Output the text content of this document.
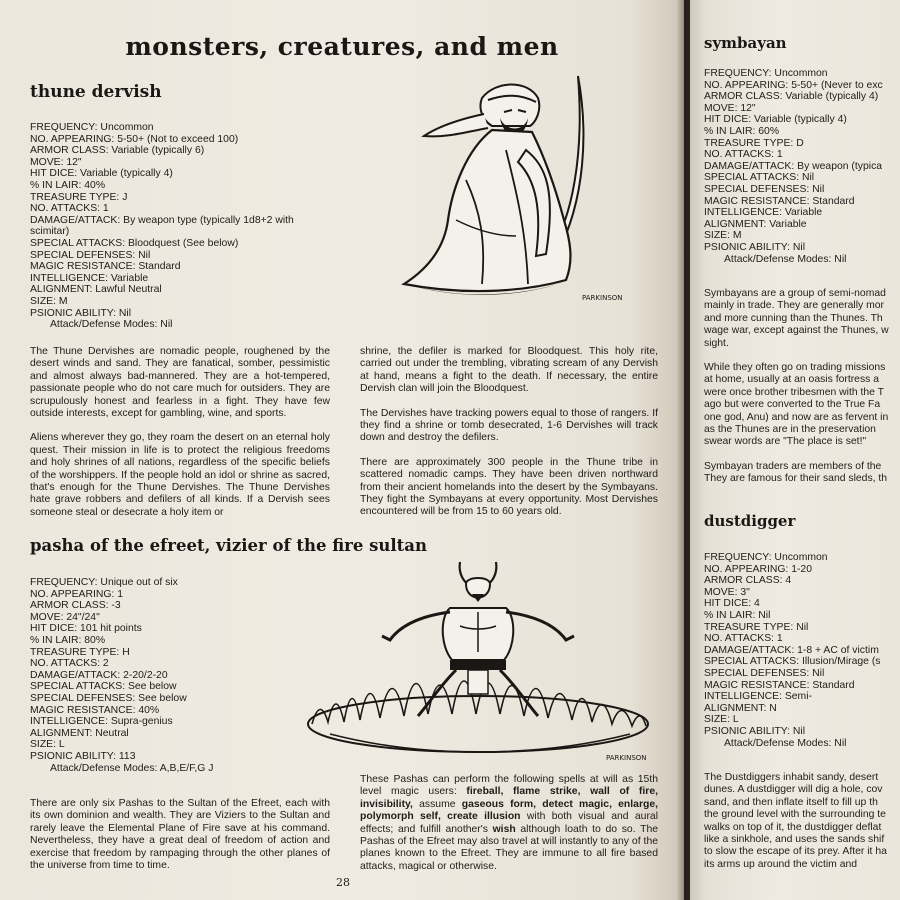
monsters, creatures, and men
thune dervish
FREQUENCY: Uncommon
NO. APPEARING: 5-50+ (Not to exceed 100)
ARMOR CLASS: Variable (typically 6)
MOVE: 12"
HIT DICE: Variable (typically 4)
% IN LAIR: 40%
TREASURE TYPE: J
NO. ATTACKS: 1
DAMAGE/ATTACK: By weapon type (typically 1d8+2 with
scimitar)
SPECIAL ATTACKS: Bloodquest (See below)
SPECIAL DEFENSES: Nil
MAGIC RESISTANCE: Standard
INTELLIGENCE: Variable
ALIGNMENT: Lawful Neutral
SIZE: M
PSIONIC ABILITY: Nil
Attack/Defense Modes: Nil
PARKINSON

The Thune Dervishes are nomadic people, roughened by the desert winds and sand. They are fanatical, somber, pessimistic and almost always bad-mannered. They are a hot-tempered, passionate people who do not care much for outsiders. They are scrupulously honest and fearless in a fight. They have few outside interests, except for gambling, wine, and sports.

Aliens wherever they go, they roam the desert on an eternal holy quest. Their mission in life is to protect the religious freedoms and holy shrines of all nations, regardless of the specific beliefs of the worshippers. If the people hold an idol or shrine as sacred, that's enough for the Thune Dervishes. The Thune Dervishes hate grave robbers and defilers of all kinds. If a Dervish sees someone steal or desecrate a holy item or

shrine, the defiler is marked for Bloodquest. This holy rite, carried out under the trembling, vibrating scream of any Dervish at hand, means a fight to the death. If necessary, the entire Dervish clan will join the Bloodquest.

The Dervishes have tracking powers equal to those of rangers. If they find a shrine or tomb desecrated, 1-6 Dervishes will track down and destroy the defilers.

There are approximately 300 people in the Thune tribe in scattered nomadic camps. They have been driven northward from their ancient homelands into the desert by the Symbayans. They fight the Symbayans at every opportunity. Most Dervishes encountered will be from 15 to 60 years old.

pasha of the efreet, vizier of the fire sultan
FREQUENCY: Unique out of six
NO. APPEARING: 1
ARMOR CLASS: -3
MOVE: 24"/24"
HIT DICE: 101 hit points
% IN LAIR: 80%
TREASURE TYPE: H
NO. ATTACKS: 2
DAMAGE/ATTACK: 2-20/2-20
SPECIAL ATTACKS: See below
SPECIAL DEFENSES: See below
MAGIC RESISTANCE: 40%
INTELLIGENCE: Supra-genius
ALIGNMENT: Neutral
SIZE: L
PSIONIC ABILITY: 113
Attack/Defense Modes: A,B,E/F,G J
PARKINSON

There are only six Pashas to the Sultan of the Efreet, each with its own dominion and wealth. They are Viziers to the Sultan and rarely leave the Elemental Plane of Fire save at his command. Nevertheless, they have a great deal of freedom of action and exercise that freedom by rampaging through the other planes of the universe from time to time.

These Pashas can perform the following spells at will as 15th level magic users: fireball, flame strike, wall of fire, invisibility, assume gaseous form, detect magic, enlarge, polymorph self, create illusion with both visual and aural effects; and fulfill another's wish although loath to do so. The Pashas of the Efreet may also travel at will instantly to any of the planes known to the Efreet. They are immune to all fire based attacks, magical or otherwise.

28
symbayan
FREQUENCY: Uncommon
NO. APPEARING: 5-50+ (Never to exc
ARMOR CLASS: Variable (typically 4)
MOVE: 12"
HIT DICE: Variable (typically 4)
% IN LAIR: 60%
TREASURE TYPE: D
NO. ATTACKS: 1
DAMAGE/ATTACK: By weapon (typica
SPECIAL ATTACKS: Nil
SPECIAL DEFENSES: Nil
MAGIC RESISTANCE: Standard
INTELLIGENCE: Variable
ALIGNMENT: Variable
SIZE: M
PSIONIC ABILITY: Nil
Attack/Defense Modes: Nil
Symbayans are a group of semi-nomad
mainly in trade. They are generally mor
and more cunning than the Thunes. Th
wage war, except against the Thunes, w
sight.
While they often go on trading missions
at home, usually at an oasis fortress a
were once brother tribesmen with the T
ago but were converted to the True Fa
one god, Anu) and now are as fervent in
as the Thunes are in the preservation
swear words are "The place is set!"
Symbayan traders are members of the
They are famous for their sand sleds, th
dustdigger
FREQUENCY: Uncommon
NO. APPEARING: 1-20
ARMOR CLASS: 4
MOVE: 3"
HIT DICE: 4
% IN LAIR: Nil
TREASURE TYPE: Nil
NO. ATTACKS: 1
DAMAGE/ATTACK: 1-8 + AC of victim
SPECIAL ATTACKS: Illusion/Mirage (s
SPECIAL DEFENSES: Nil
MAGIC RESISTANCE: Standard
INTELLIGENCE: Semi-
ALIGNMENT: N
SIZE: L
PSIONIC ABILITY: Nil
Attack/Defense Modes: Nil
The Dustdiggers inhabit sandy, desert
dunes. A dustdigger will dig a hole, cov
sand, and then inflate itself to fill up th
the ground level with the surrounding te
walks on top of it, the dustdigger deflat
like a sinkhole, and uses the sands shif
to slow the escape of its prey. After it ha
its arms up around the victim and
